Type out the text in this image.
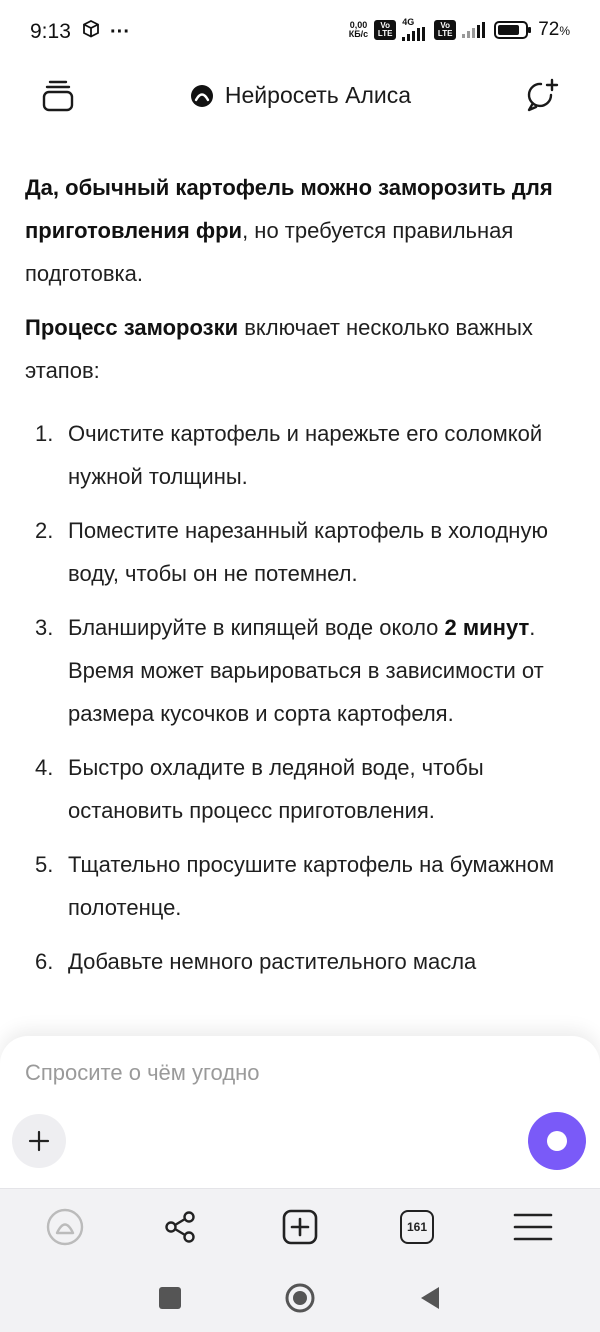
9:13 ···	0,00
КБ/с
Vo LTE
4G	Vo LTE	72%
Нейросеть Алиса

Да, обычный картофель можно заморозить для приготовления фри, но требуется правильная подготовка.

Процесс заморозки включает несколько важных этапов:

1. Очистите картофель и нарежьте его соломкой нужной толщины.
2. Поместите нарезанный картофель в холодную воду, чтобы он не потемнел.
3. Бланшируйте в кипящей воде около 2 минут. Время может варьироваться в зависимости от размера кусочков и сорта картофеля.
4. Быстро охладите в ледяной воде, чтобы остановить процесс приготовления.
5. Тщательно просушите картофель на бумажном полотенце.
6. Добавьте немного растительного масла
Спросите о чём угодно
161
